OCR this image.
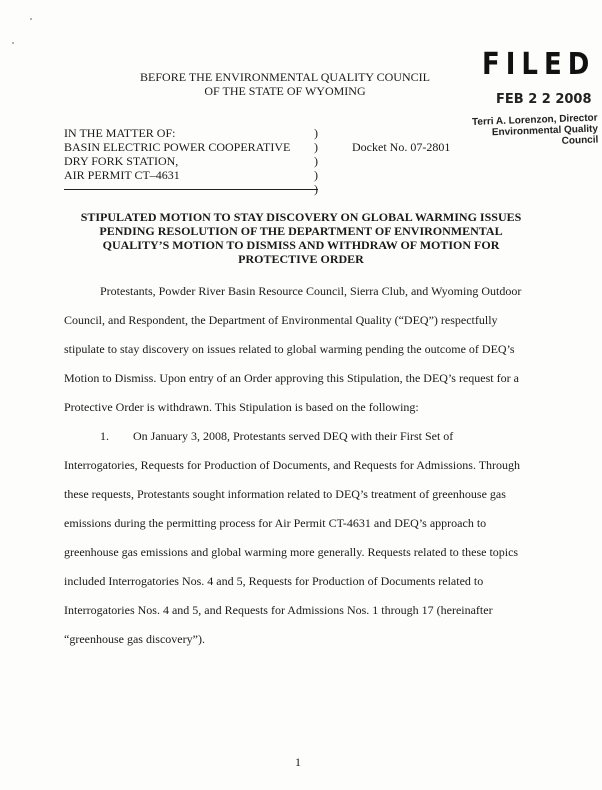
BEFORE THE ENVIRONMENTAL QUALITY COUNCIL
OF THE STATE OF WYOMING
FILED
FEB 2 2 2008
Terri A. Lorenzon, Director
Environmental Quality Council
IN THE MATTER OF:
BASIN ELECTRIC POWER COOPERATIVE
DRY FORK STATION,
AIR PERMIT CT–4631
)
)
)
)
)
Docket No. 07-2801
STIPULATED MOTION TO STAY DISCOVERY ON GLOBAL WARMING ISSUES
PENDING RESOLUTION OF THE DEPARTMENT OF ENVIRONMENTAL
QUALITY’S MOTION TO DISMISS AND WITHDRAW OF MOTION FOR
PROTECTIVE ORDER
Protestants, Powder River Basin Resource Council, Sierra Club, and Wyoming Outdoor
Council, and Respondent, the Department of Environmental Quality (“DEQ”) respectfully
stipulate to stay discovery on issues related to global warming pending the outcome of DEQ’s
Motion to Dismiss. Upon entry of an Order approving this Stipulation, the DEQ’s request for a
Protective Order is withdrawn. This Stipulation is based on the following:
1.        On January 3, 2008, Protestants served DEQ with their First Set of
Interrogatories, Requests for Production of Documents, and Requests for Admissions. Through
these requests, Protestants sought information related to DEQ’s treatment of greenhouse gas
emissions during the permitting process for Air Permit CT-4631 and DEQ’s approach to
greenhouse gas emissions and global warming more generally. Requests related to these topics
included Interrogatories Nos. 4 and 5, Requests for Production of Documents related to
Interrogatories Nos. 4 and 5, and Requests for Admissions Nos. 1 through 17 (hereinafter
“greenhouse gas discovery”).
1
